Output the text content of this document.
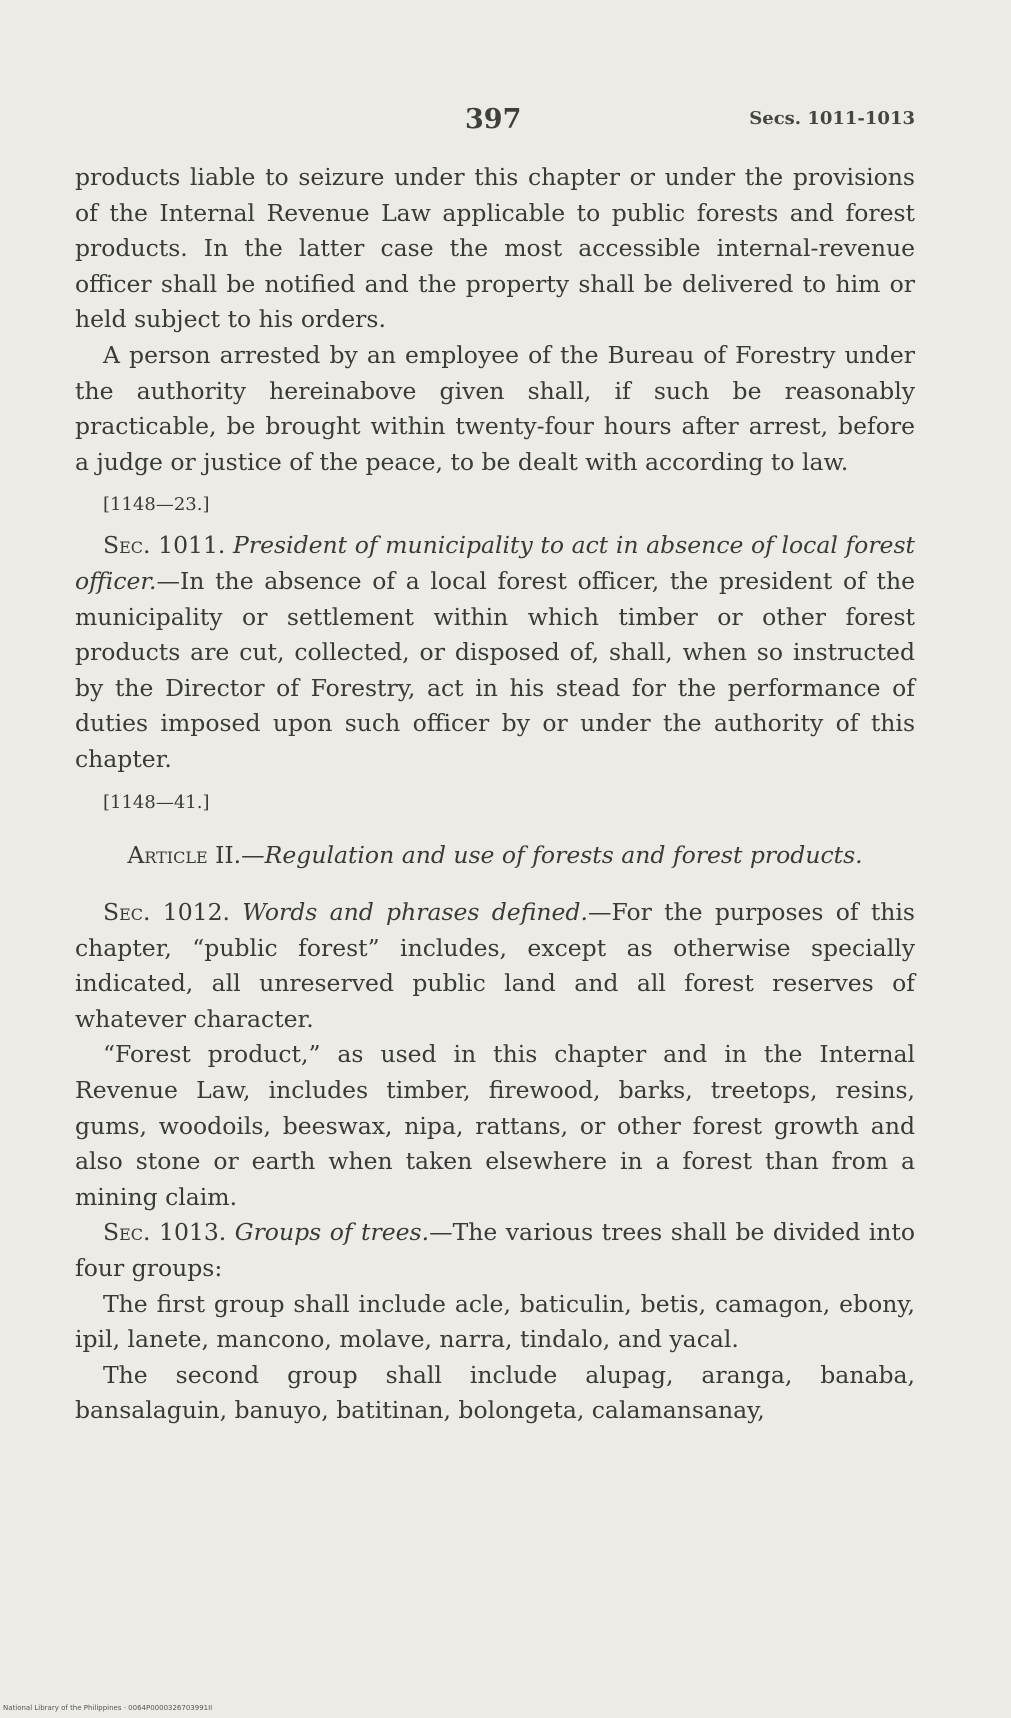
397	Secs. 1011-1013

products liable to seizure under this chapter or under the provisions of the Internal Revenue Law applicable to public forests and forest products. In the latter case the most accessible internal-revenue officer shall be notified and the property shall be delivered to him or held subject to his orders.

A person arrested by an employee of the Bureau of Forestry under the authority hereinabove given shall, if such be reasonably practicable, be brought within twenty-four hours after arrest, before a judge or justice of the peace, to be dealt with according to law.

[1148—23.]

Sec. 1011. President of municipality to act in absence of local forest officer.—In the absence of a local forest officer, the president of the municipality or settlement within which timber or other forest products are cut, collected, or disposed of, shall, when so instructed by the Director of Forestry, act in his stead for the performance of duties imposed upon such officer by or under the authority of this chapter.

[1148—41.]

Article II.—Regulation and use of forests and forest products.

Sec. 1012. Words and phrases defined.—For the purposes of this chapter, “public forest” includes, except as otherwise specially indicated, all unreserved public land and all forest reserves of whatever character.

“Forest product,” as used in this chapter and in the Internal Revenue Law, includes timber, firewood, barks, treetops, resins, gums, woodoils, beeswax, nipa, rattans, or other forest growth and also stone or earth when taken elsewhere in a forest than from a mining claim.

Sec. 1013. Groups of trees.—The various trees shall be divided into four groups:

The first group shall include acle, baticulin, betis, camagon, ebony, ipil, lanete, mancono, molave, narra, tindalo, and yacal.

The second group shall include alupag, aranga, banaba, bansalaguin, banuyo, batitinan, bolongeta, calamansanay,

National Library of the Philippines · 0064P0000326703991II
